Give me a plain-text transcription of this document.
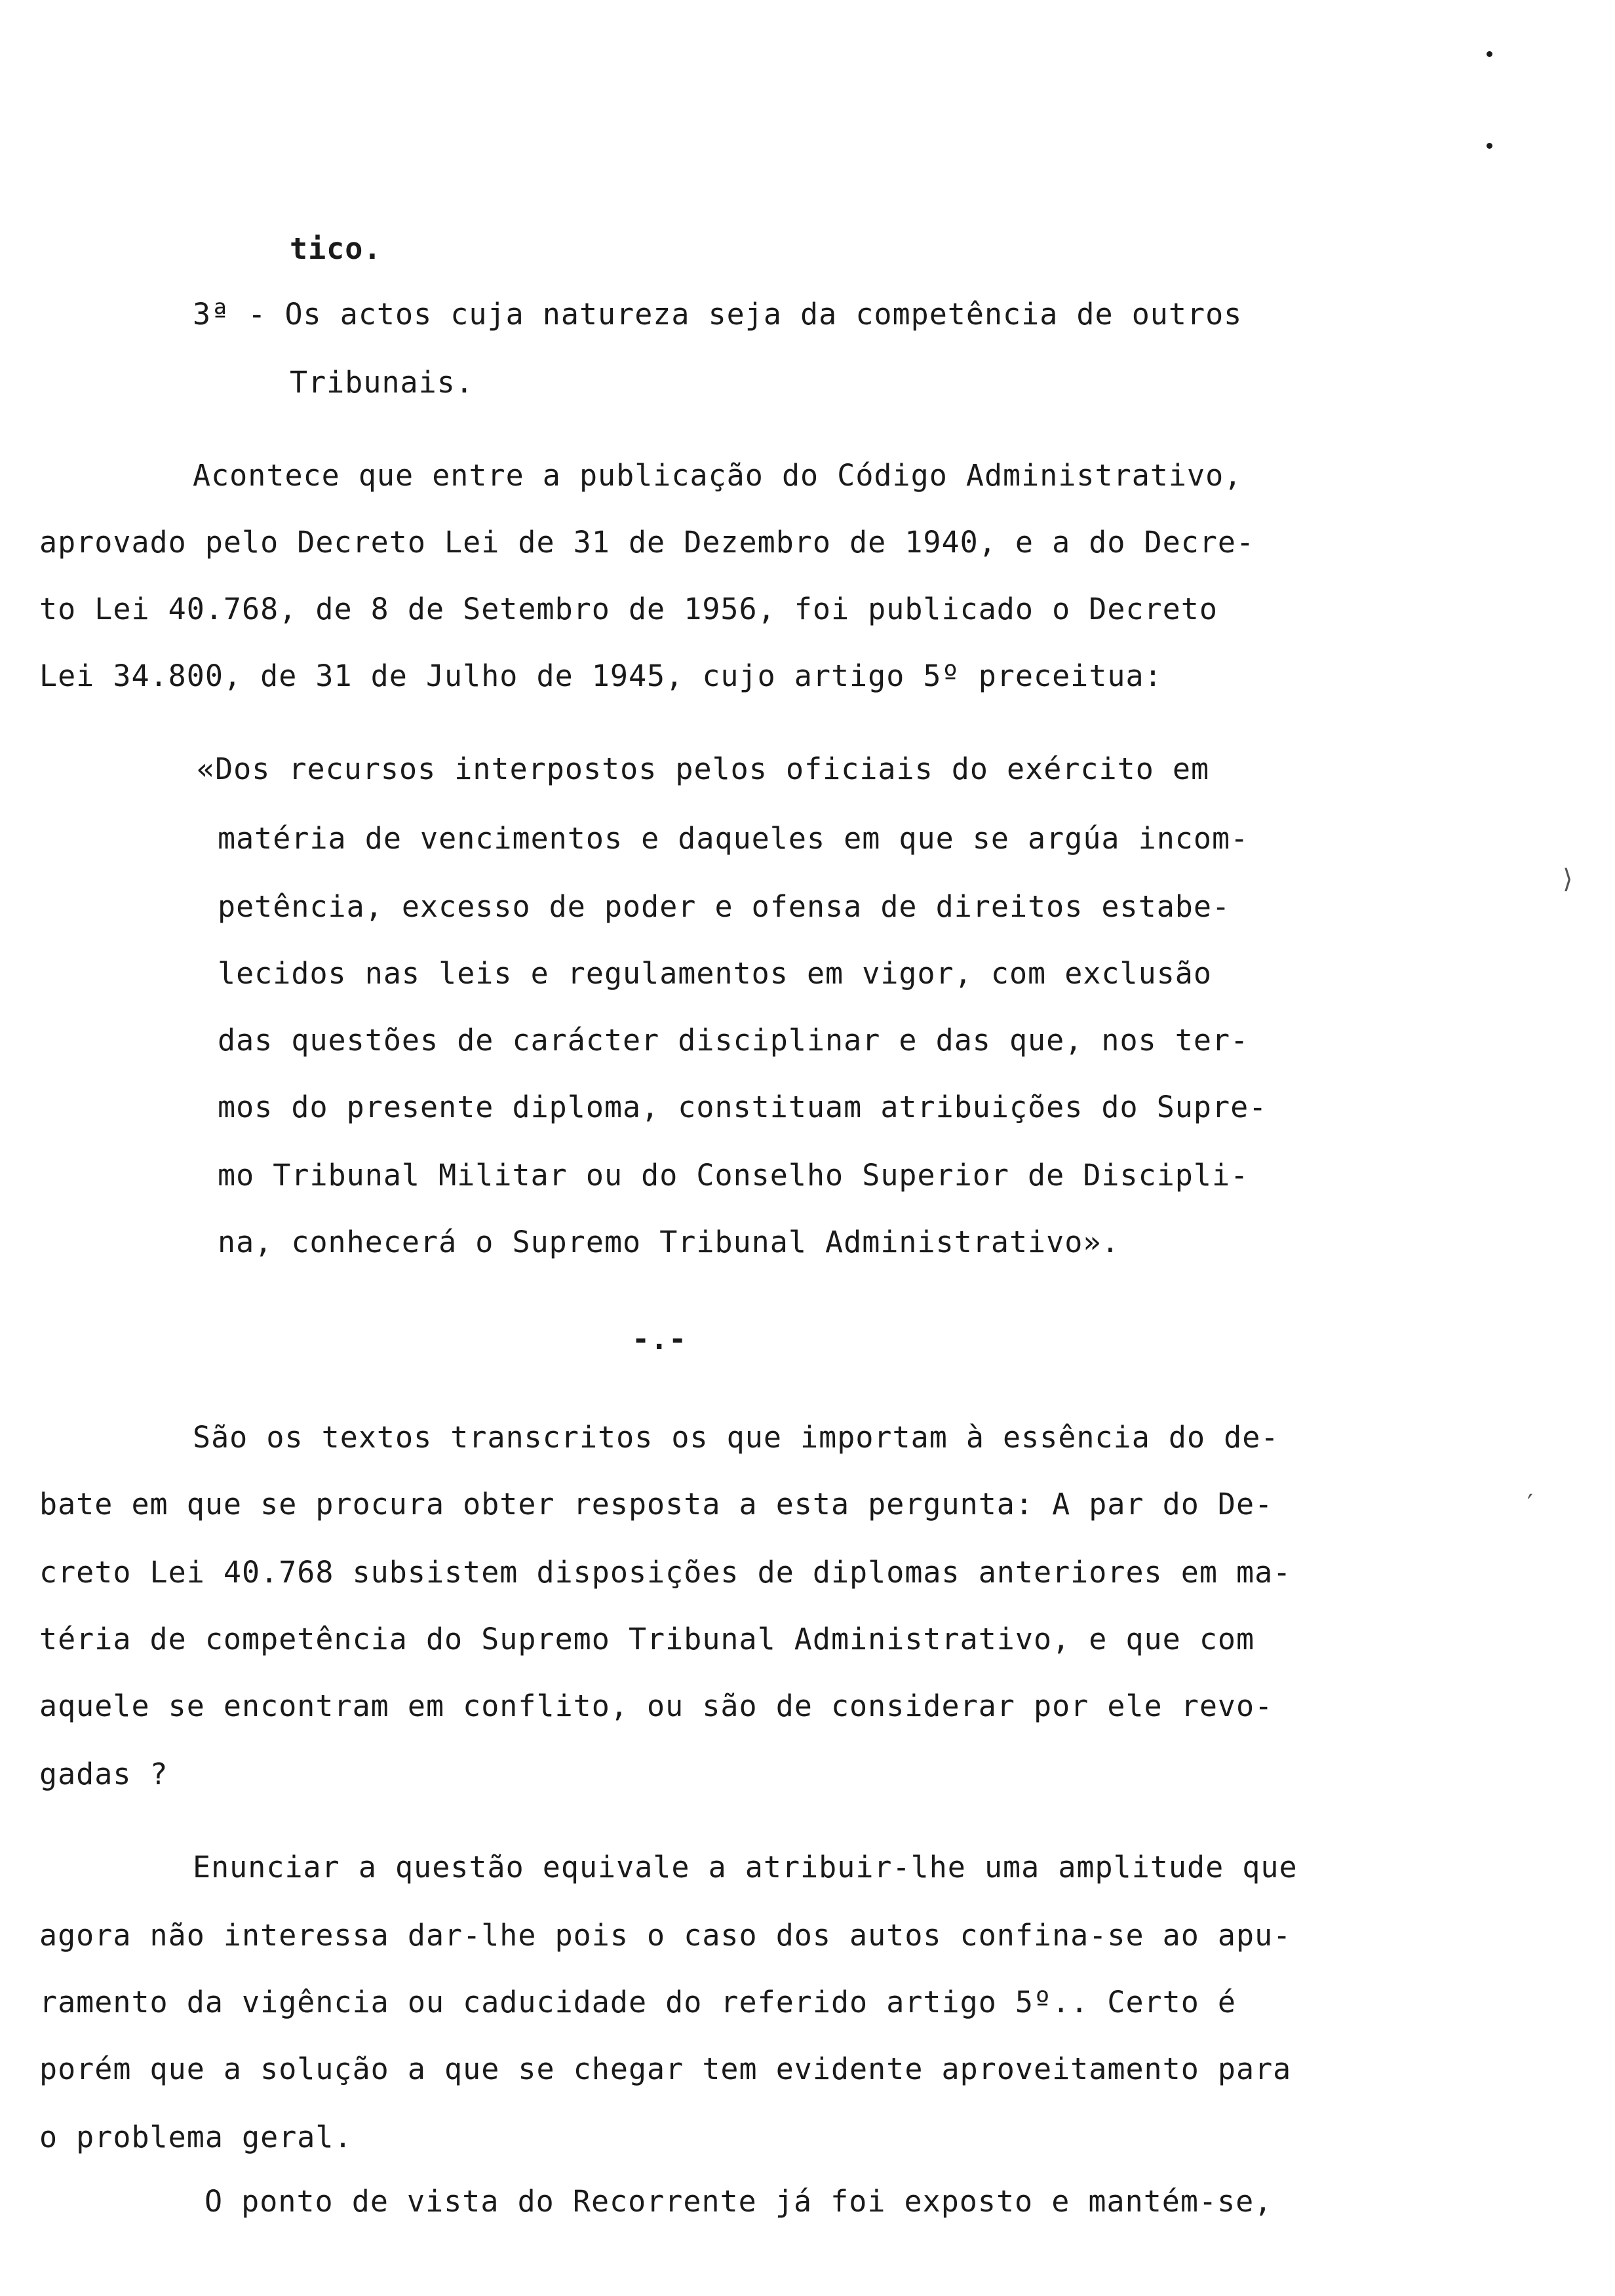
⟩
′

tico.

3ª - Os actos cuja natureza seja da competência de outros

Tribunais.

Acontece que entre a publicação do Código Administrativo,

aprovado pelo Decreto Lei de 31 de Dezembro de 1940, e a do Decre-

to Lei 40.768, de 8 de Setembro de 1956, foi publicado o Decreto

Lei 34.800, de 31 de Julho de 1945, cujo artigo 5º preceitua:

«Dos recursos interpostos pelos oficiais do exército em

matéria de vencimentos e daqueles em que se argúa incom-

petência, excesso de poder e ofensa de direitos estabe-

lecidos nas leis e regulamentos em vigor, com exclusão

das questões de carácter disciplinar e das que, nos ter-

mos do presente diploma, constituam atribuições do Supre-

mo Tribunal Militar ou do Conselho Superior de Discipli-

na, conhecerá o Supremo Tribunal Administrativo».

-.-

São os textos transcritos os que importam à essência do de-

bate em que se procura obter resposta a esta pergunta: A par do De-

creto Lei 40.768 subsistem disposições de diplomas anteriores em ma-

téria de competência do Supremo Tribunal Administrativo, e que com

aquele se encontram em conflito, ou são de considerar por ele revo-

gadas ?

Enunciar a questão equivale a atribuir-lhe uma amplitude que

agora não interessa dar-lhe pois o caso dos autos confina-se ao apu-

ramento da vigência ou caducidade do referido artigo 5º.. Certo é

porém que a solução a que se chegar tem evidente aproveitamento para

o problema geral.

O ponto de vista do Recorrente já foi exposto e mantém-se,
